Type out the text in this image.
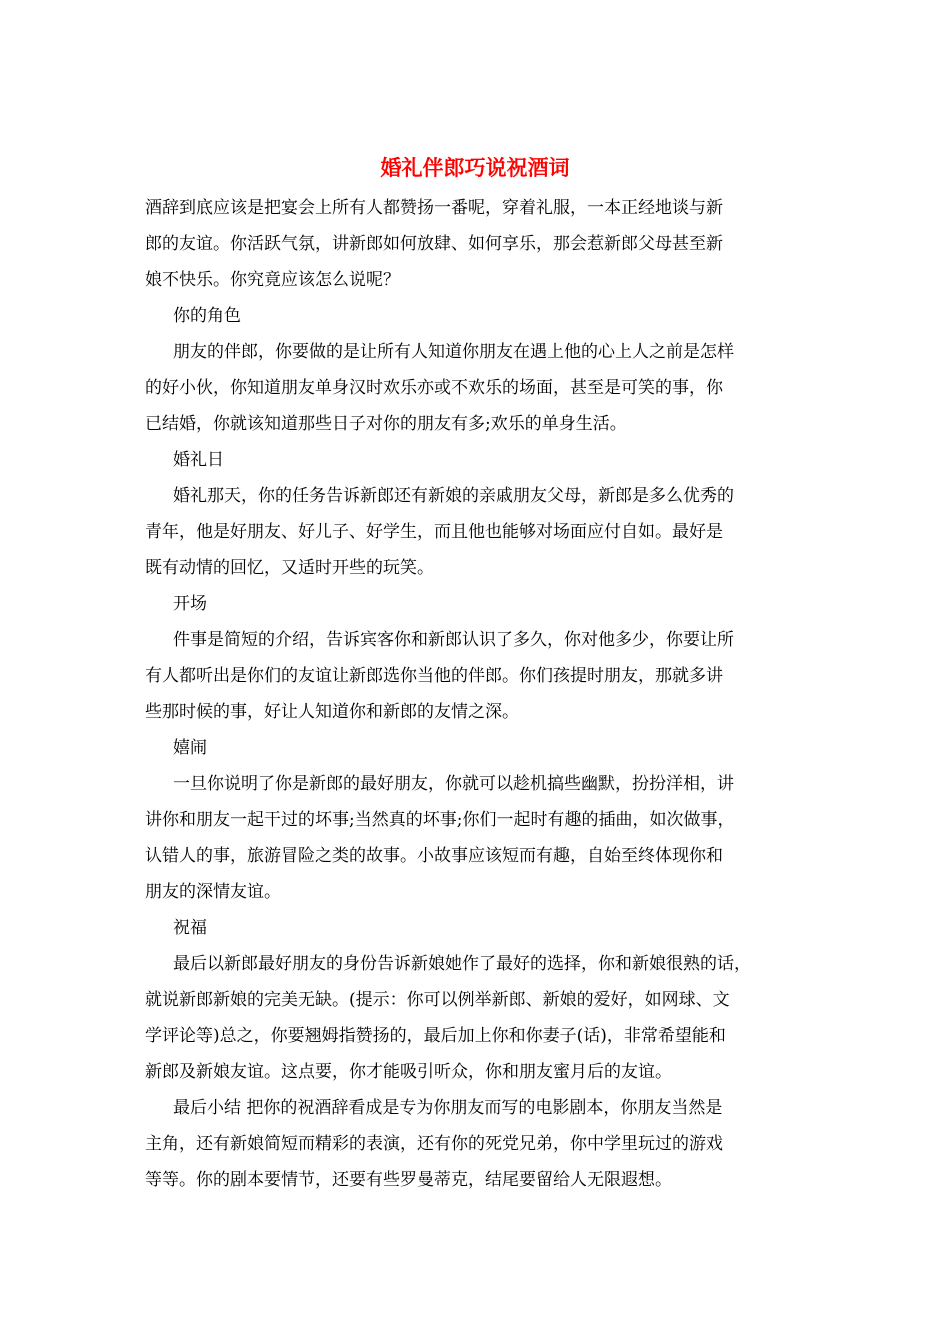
婚礼伴郎巧说祝酒词
酒辞到底应该是把宴会上所有人都赞扬一番呢，穿着礼服，一本正经地谈与新
郎的友谊。你活跃气氛，讲新郎如何放肆、如何享乐，那会惹新郎父母甚至新
娘不快乐。你究竟应该怎么说呢？
你的角色
朋友的伴郎，你要做的是让所有人知道你朋友在遇上他的心上人之前是怎样
的好小伙，你知道朋友单身汉时欢乐亦或不欢乐的场面，甚至是可笑的事，你
已结婚，你就该知道那些日子对你的朋友有多;欢乐的单身生活。
婚礼日
婚礼那天，你的任务告诉新郎还有新娘的亲戚朋友父母，新郎是多么优秀的
青年，他是好朋友、好儿子、好学生，而且他也能够对场面应付自如。最好是
既有动情的回忆，又适时开些的玩笑。
开场
件事是简短的介绍，告诉宾客你和新郎认识了多久，你对他多少，你要让所
有人都听出是你们的友谊让新郎选你当他的伴郎。你们孩提时朋友，那就多讲
些那时候的事，好让人知道你和新郎的友情之深。
嬉闹
一旦你说明了你是新郎的最好朋友，你就可以趁机搞些幽默，扮扮洋相，讲
讲你和朋友一起干过的坏事;当然真的坏事;你们一起时有趣的插曲，如次做事，
认错人的事，旅游冒险之类的故事。小故事应该短而有趣，自始至终体现你和
朋友的深情友谊。
祝福
最后以新郎最好朋友的身份告诉新娘她作了最好的选择，你和新娘很熟的话，
就说新郎新娘的完美无缺。(提示：你可以例举新郎、新娘的爱好，如网球、文
学评论等)总之，你要翘姆指赞扬的，最后加上你和你妻子(话)，非常希望能和
新郎及新娘友谊。这点要，你才能吸引听众，你和朋友蜜月后的友谊。
最后小结 把你的祝酒辞看成是专为你朋友而写的电影剧本，你朋友当然是
主角，还有新娘简短而精彩的表演，还有你的死党兄弟，你中学里玩过的游戏
等等。你的剧本要情节，还要有些罗曼蒂克，结尾要留给人无限遐想。
